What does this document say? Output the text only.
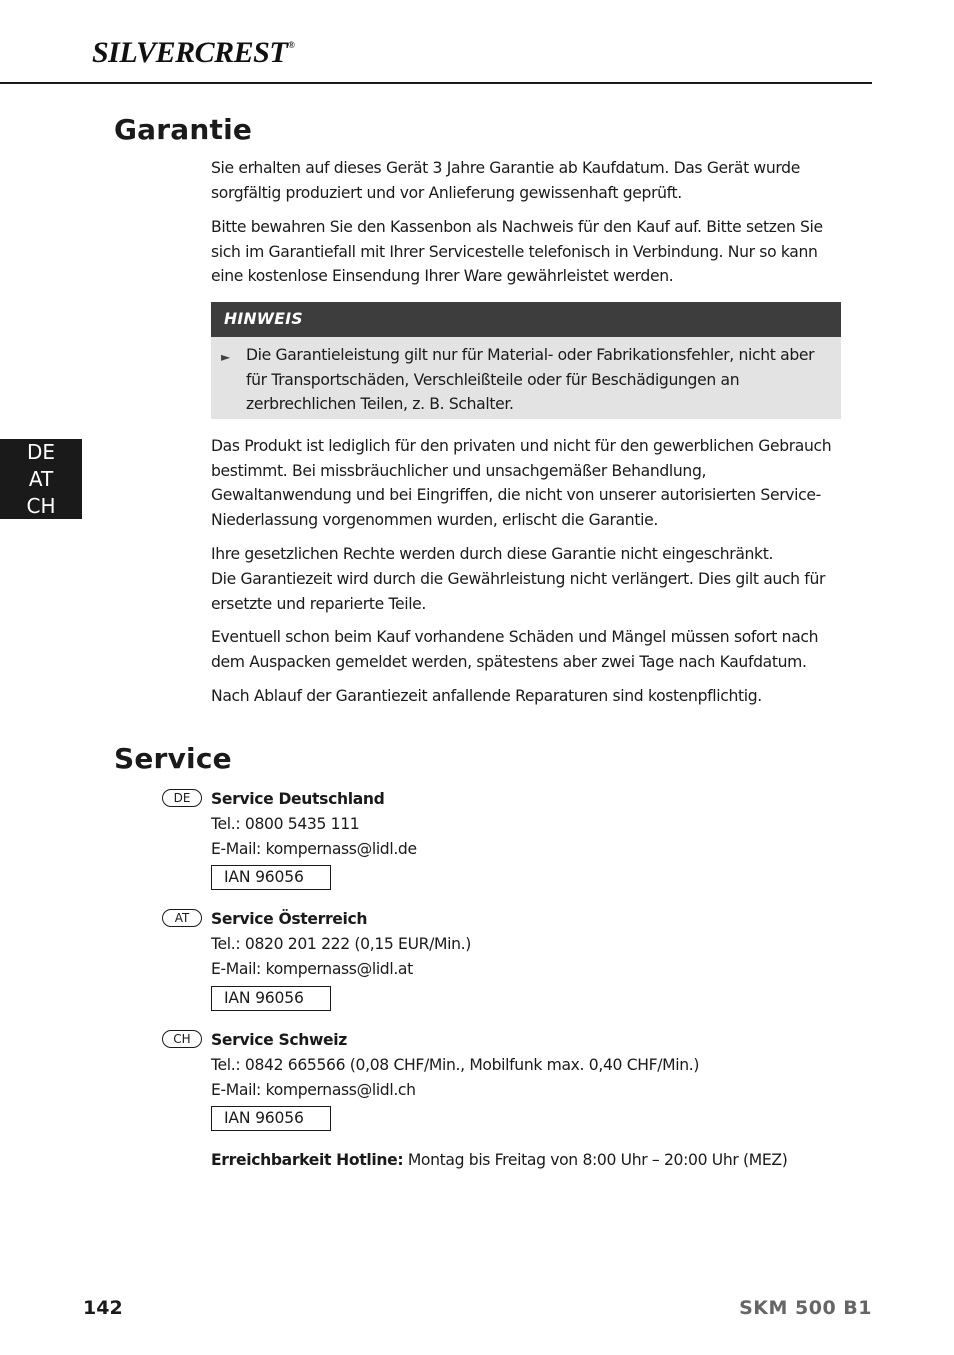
SILVERCREST®
DE
AT
CH
Garantie

Sie erhalten auf dieses Gerät 3 Jahre Garantie ab Kaufdatum. Das Gerät wurde sorgfältig produziert und vor Anlieferung gewissenhaft geprüft.

Bitte bewahren Sie den Kassenbon als Nachweis für den Kauf auf. Bitte setzen Sie sich im Garantiefall mit Ihrer Servicestelle telefonisch in Verbindung. Nur so kann eine kostenlose Einsendung Ihrer Ware gewährleistet werden.

HINWEIS
► Die Garantieleistung gilt nur für Material- oder Fabrikationsfehler, nicht aber für Transportschäden, Verschleißteile oder für Beschädigungen an zerbrechlichen Teilen, z. B. Schalter.

Das Produkt ist lediglich für den privaten und nicht für den gewerblichen Gebrauch bestimmt. Bei missbräuchlicher und unsachgemäßer Behandlung, Gewaltanwendung und bei Eingriffen, die nicht von unserer autorisierten Service-Niederlassung vorgenommen wurden, erlischt die Garantie.

Ihre gesetzlichen Rechte werden durch diese Garantie nicht eingeschränkt.

Die Garantiezeit wird durch die Gewährleistung nicht verlängert. Dies gilt auch für ersetzte und reparierte Teile.

Eventuell schon beim Kauf vorhandene Schäden und Mängel müssen sofort nach dem Auspacken gemeldet werden, spätestens aber zwei Tage nach Kaufdatum.

Nach Ablauf der Garantiezeit anfallende Reparaturen sind kostenpflichtig.

Service
DE	Service Deutschland
Tel.: 0800 5435 111
E-Mail: kompernass@lidl.de
IAN 96056
AT	Service Österreich
Tel.: 0820 201 222 (0,15 EUR/Min.)
E-Mail: kompernass@lidl.at
IAN 96056
CH	Service Schweiz
Tel.: 0842 665566 (0,08 CHF/Min., Mobilfunk max. 0,40 CHF/Min.)
E-Mail: kompernass@lidl.ch
IAN 96056
Erreichbarkeit Hotline: Montag bis Freitag von 8:00 Uhr – 20:00 Uhr (MEZ)
142	SKM 500 B1
